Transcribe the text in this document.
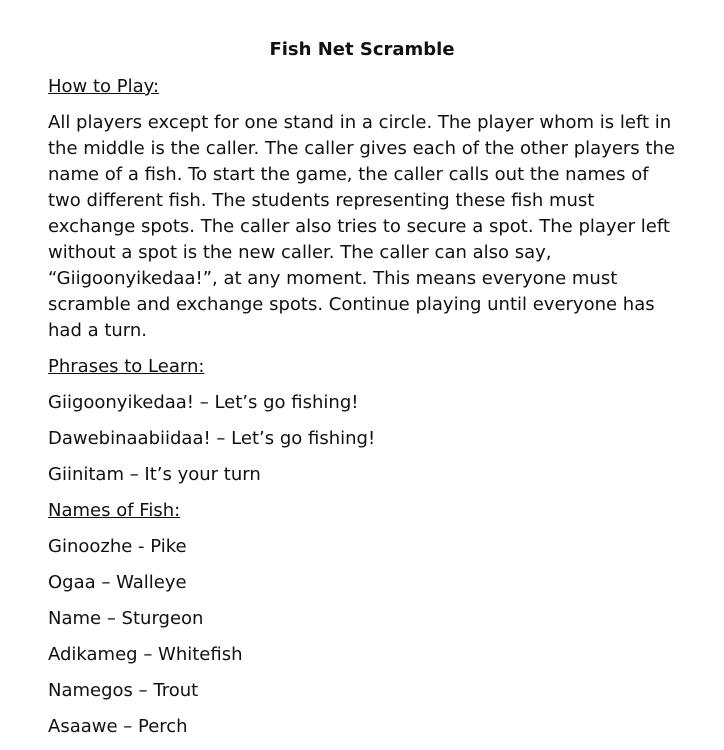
Fish Net Scramble
How to Play:
All players except for one stand in a circle. The player whom is left in the middle is the caller. The caller gives each of the other players the name of a fish. To start the game, the caller calls out the names of two different fish. The students representing these fish must exchange spots. The caller also tries to secure a spot. The player left without a spot is the new caller. The caller can also say, “Giigoonyikedaa!”, at any moment. This means everyone must scramble and exchange spots. Continue playing until everyone has had a turn.
Phrases to Learn:
Giigoonyikedaa! – Let’s go fishing!
Dawebinaabiidaa! – Let’s go fishing!
Giinitam – It’s your turn
Names of Fish:
Ginoozhe - Pike
Ogaa – Walleye
Name – Sturgeon
Adikameg – Whitefish
Namegos – Trout
Asaawe – Perch
